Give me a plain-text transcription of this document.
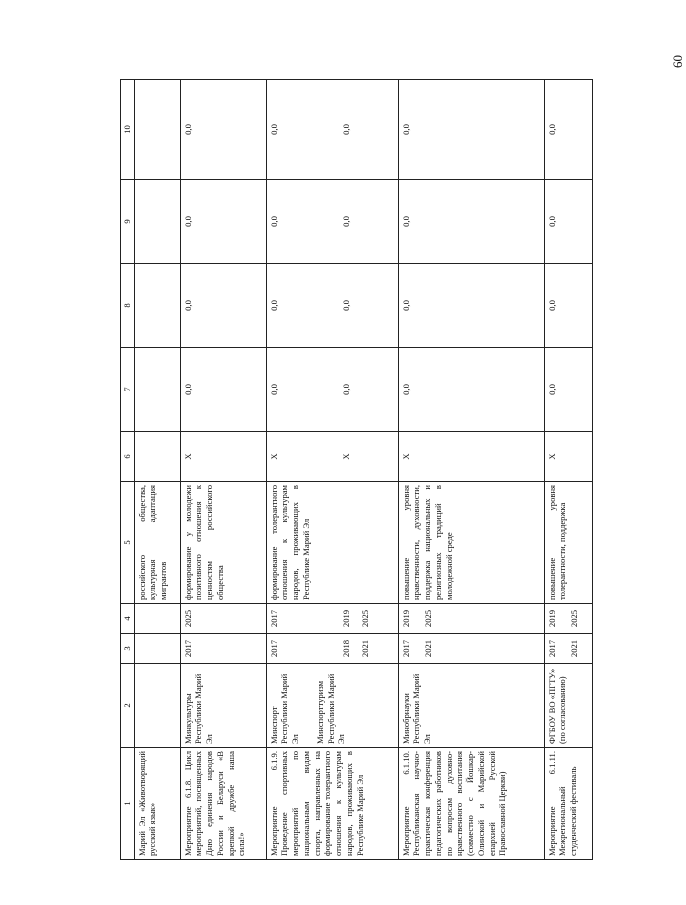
60
1	2	3	4	5	6	7	8	9	10
Марий Эл «Животворящий русский язык»				российского общества, культурная адаптация мигрантов					
Мероприятие 6.1.8. Цикл мероприятий, посвященных Дню единения народов России и Беларуси «В крепкой дружбе наша сила!»	Минкультуры Республики Марий Эл	2017	2025	формирование у молодежи позитивного отношения к ценностям российского общества	X	0,0	0,0	0,0	0,0
Мероприятие 6.1.9. Проведение спортивных мероприятий по национальным видам спорта, направленных на формирование толерантного отношения к культурам народов, проживающих в Республике Марий Эл	Минспорт Республики Марий Эл Минспорттуризм Республики Марий Эл	2017 2018 2021	2017 2019 2025	формирование толерантного отношения к культурам народов, проживающих в Республике Марий Эл	X X	0,0 0,0	0,0 0,0	0,0 0,0	0,0 0,0

Мероприятие 6.1.10. Республиканская научно-практическая конференция педагогических работников по вопросам духовно-нравственного воспитания (совместно с Йошкар-Олинской и Марийской епархией Русской Православной Церкви)	Минобрнауки Республики Марий Эл	2017 2021	2019 2025	повышение уровня нравственности, духовности, поддержка национальных и религиозных традиций в молодежной среде	X	0,0	0,0	0,0	0,0
Мероприятие 6.1.11. Межрегиональный студенческий фестиваль	ФГБОУ ВО «ПГТУ» (по согласованию)	2017 2021	2019 2025	повышение уровня толерантности, поддержка	X	0,0	0,0	0,0	0,0
